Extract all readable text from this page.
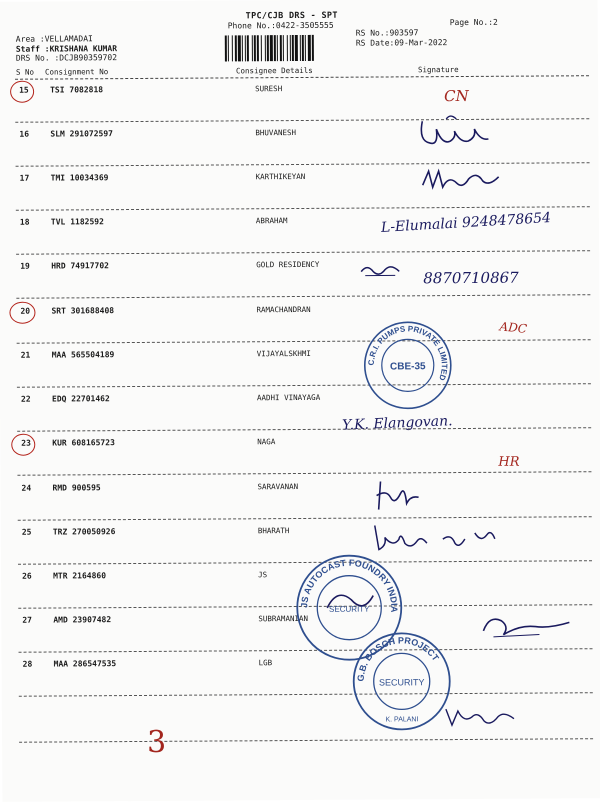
TPC/CJB DRS - SPT
Phone No.:0422-3505555	Page No.:2
RS No.:903597
RS Date:09-Mar-2022
Area :VELLAMADAI
Staff :KRISHANA KUMAR
DRS No. :DCJB90359702
S No Consignment No	Consignee Details	Signature
15	TSI 7082818	SURESH
16	SLM 291072597	BHUVANESH
17	TMI 10034369	KARTHIKEYAN
18	TVL 1182592	ABRAHAM
19	HRD 74917702	GOLD RESIDENCY
20	SRT 301688408	RAMACHANDRAN
21	MAA 565504189	VIJAYALSKHMI
22	EDQ 22701462	AADHI VINAYAGA
23	KUR 608165723	NAGA
24	RMD 900595	SARAVANAN
25	TRZ 270050926	BHARATH
26	MTR 2164860	JS
27	AMD 23907482	SUBRAMANIAN
28	MAA 286547535	LGB
CN
L-Elumalai 9248478654
8870710867
ADC
Y.K. Elangovan.
HR
3
C.R.I. PUMPS PRIVATE LIMITED
CBE-35
JS AUTOCAST FOUNDRY INDIA
SECURITY
G.B. BOSCH PROJECT
SECURITY
K. PALANI
